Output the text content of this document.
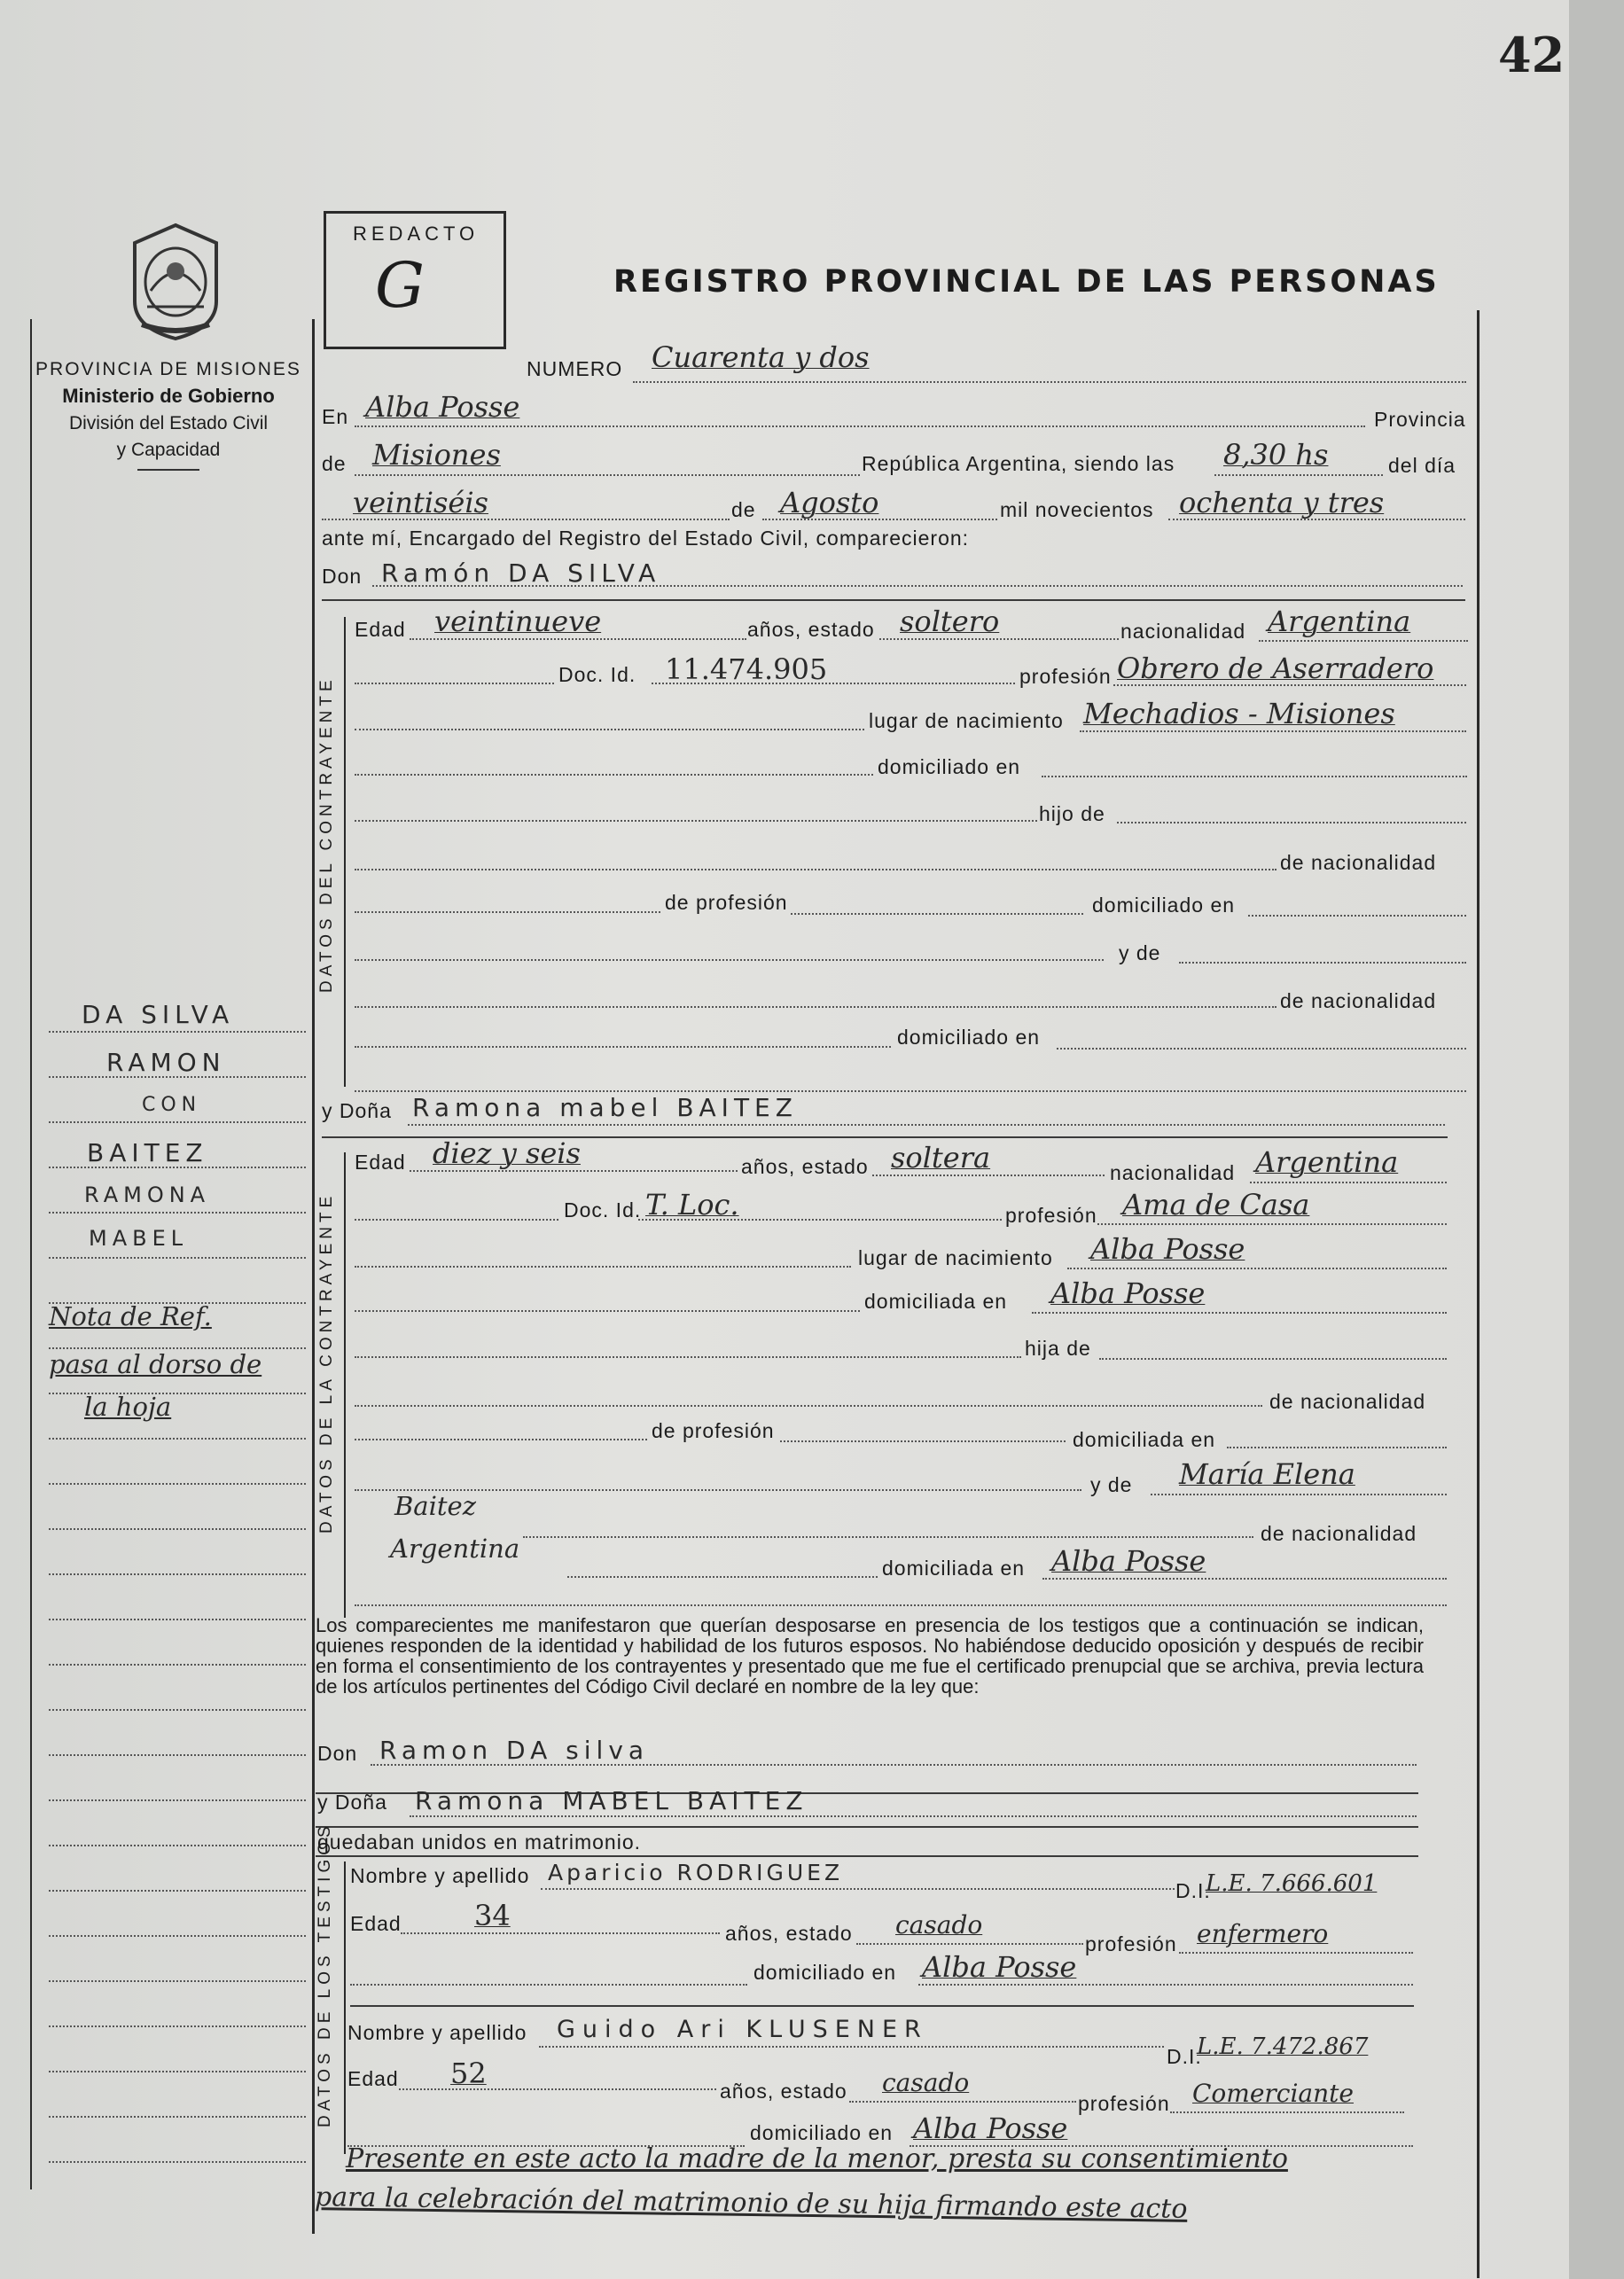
42
PROVINCIA DE MISIONES
Ministerio de Gobierno
División del Estado Civil
y Capacidad
REDACTO
G	REGISTRO PROVINCIAL DE LAS PERSONAS
NUMERO Cuarenta y dos
En Alba Posse	Provincia
de Misiones	República Argentina, siendo las 8,30 hs	del día
veintiséis	de Agosto	mil novecientos ochenta y tres
ante mí, Encargado del Registro del Estado Civil, comparecieron:
Don Ramón DA SILVA
DATOS DEL CONTRAYENTE
Edad veintinueve	años, estado soltero	nacionalidad Argentina
Doc. Id. 11.474.905	profesión Obrero de Aserradero
lugar de nacimiento Mechadios - Misiones
domiciliado en
hijo de
de nacionalidad
de profesión	domiciliado en
y de
de nacionalidad
domiciliado en
y Doña Ramona mabel BAITEZ
DATOS DE LA CONTRAYENTE
Edad diez y seis	años, estado soltera	nacionalidad Argentina
Doc. Id. T. Loc.	profesión Ama de Casa
lugar de nacimiento Alba Posse
domiciliada en Alba Posse
hija de
de nacionalidad
de profesión	domiciliada en
y de María Elena
Baitez
de nacionalidad
Argentina
domiciliada en Alba Posse
Los comparecientes me manifestaron que querían desposarse en presencia de los testigos que a continuación se indican, quienes responden de la identidad y habilidad de los futuros esposos. No habiéndose deducido oposición y después de recibir en forma el consentimiento de los contrayentes y presentado que me fue el certificado prenupcial que se archiva, previa lectura de los artículos pertinentes del Código Civil declaré en nombre de la ley que:
Don Ramon DA silva
y Doña Ramona MABEL BAITEZ
quedaban unidos en matrimonio.
DATOS DE LOS TESTIGOS Nombre y apellido Aparicio RODRIGUEZ
D.I.
L.E. 7.666.601
Edad	34
años, estado casado
profesión enfermero
domiciliado en Alba Posse
Nombre y apellido Guido Ari KLUSENER
D.I.
L.E. 7.472.867
Edad 52
años, estado casado
profesión Comerciante
domiciliado en Alba Posse
Presente en este acto la madre de la menor, presta su consentimiento
para la celebración del matrimonio de su hija firmando este acto
DA SILVA
RAMON
CON
BAITEZ
RAMONA
MABEL
Nota de Ref.
pasa al dorso de
la hoja
